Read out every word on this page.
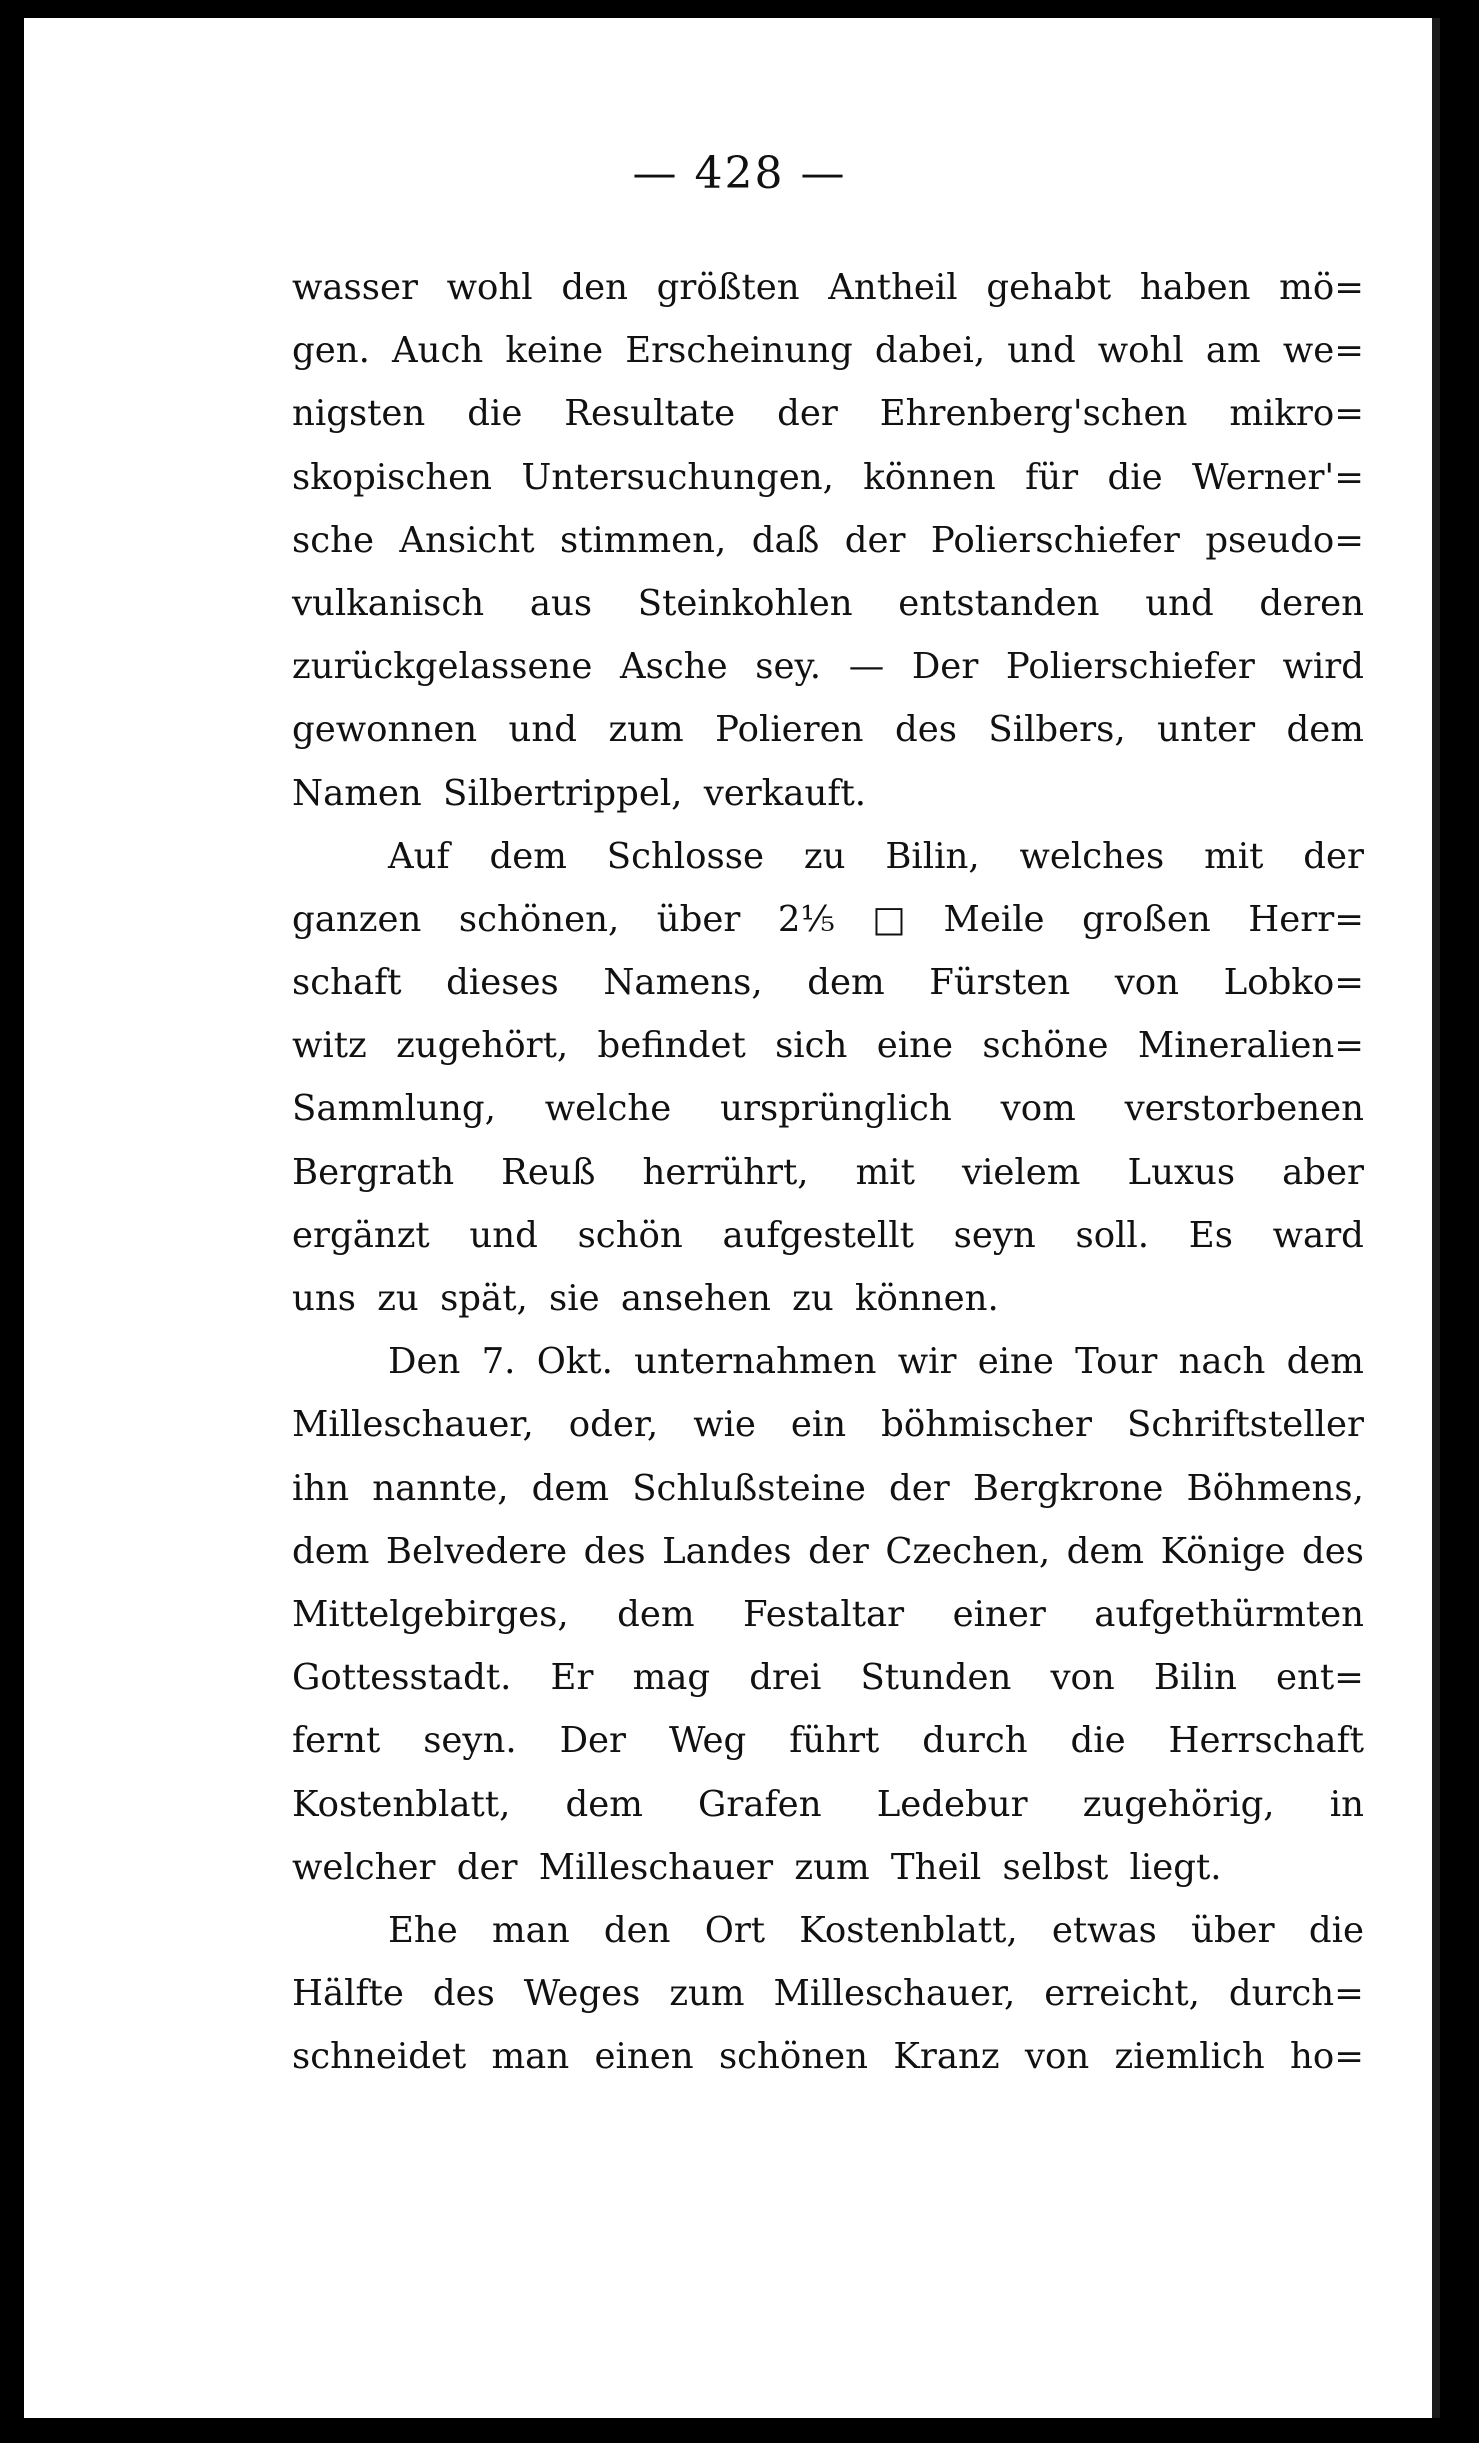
— 428 —
wasser wohl den größten Antheil gehabt haben mö=
gen. Auch keine Erscheinung dabei, und wohl am we=
nigsten die Resultate der Ehrenberg'schen mikro=
skopischen Untersuchungen, können für die Werner'=
sche Ansicht stimmen, daß der Polierschiefer pseudo=
vulkanisch aus Steinkohlen entstanden und deren
zurückgelassene Asche sey. — Der Polierschiefer wird
gewonnen und zum Polieren des Silbers, unter dem
Namen Silbertrippel, verkauft.
Auf dem Schlosse zu Bilin, welches mit der
ganzen schönen, über 2⅕ □ Meile großen Herr=
schaft dieses Namens, dem Fürsten von Lobko=
witz zugehört, befindet sich eine schöne Mineralien=
Sammlung, welche ursprünglich vom verstorbenen
Bergrath Reuß herrührt, mit vielem Luxus aber
ergänzt und schön aufgestellt seyn soll. Es ward
uns zu spät, sie ansehen zu können.
Den 7. Okt. unternahmen wir eine Tour nach dem
Milleschauer, oder, wie ein böhmischer Schriftsteller
ihn nannte, dem Schlußsteine der Bergkrone Böhmens,
dem Belvedere des Landes der Czechen, dem Könige des
Mittelgebirges, dem Festaltar einer aufgethürmten
Gottesstadt. Er mag drei Stunden von Bilin ent=
fernt seyn. Der Weg führt durch die Herrschaft
Kostenblatt, dem Grafen Ledebur zugehörig, in
welcher der Milleschauer zum Theil selbst liegt.
Ehe man den Ort Kostenblatt, etwas über die
Hälfte des Weges zum Milleschauer, erreicht, durch=
schneidet man einen schönen Kranz von ziemlich ho=
